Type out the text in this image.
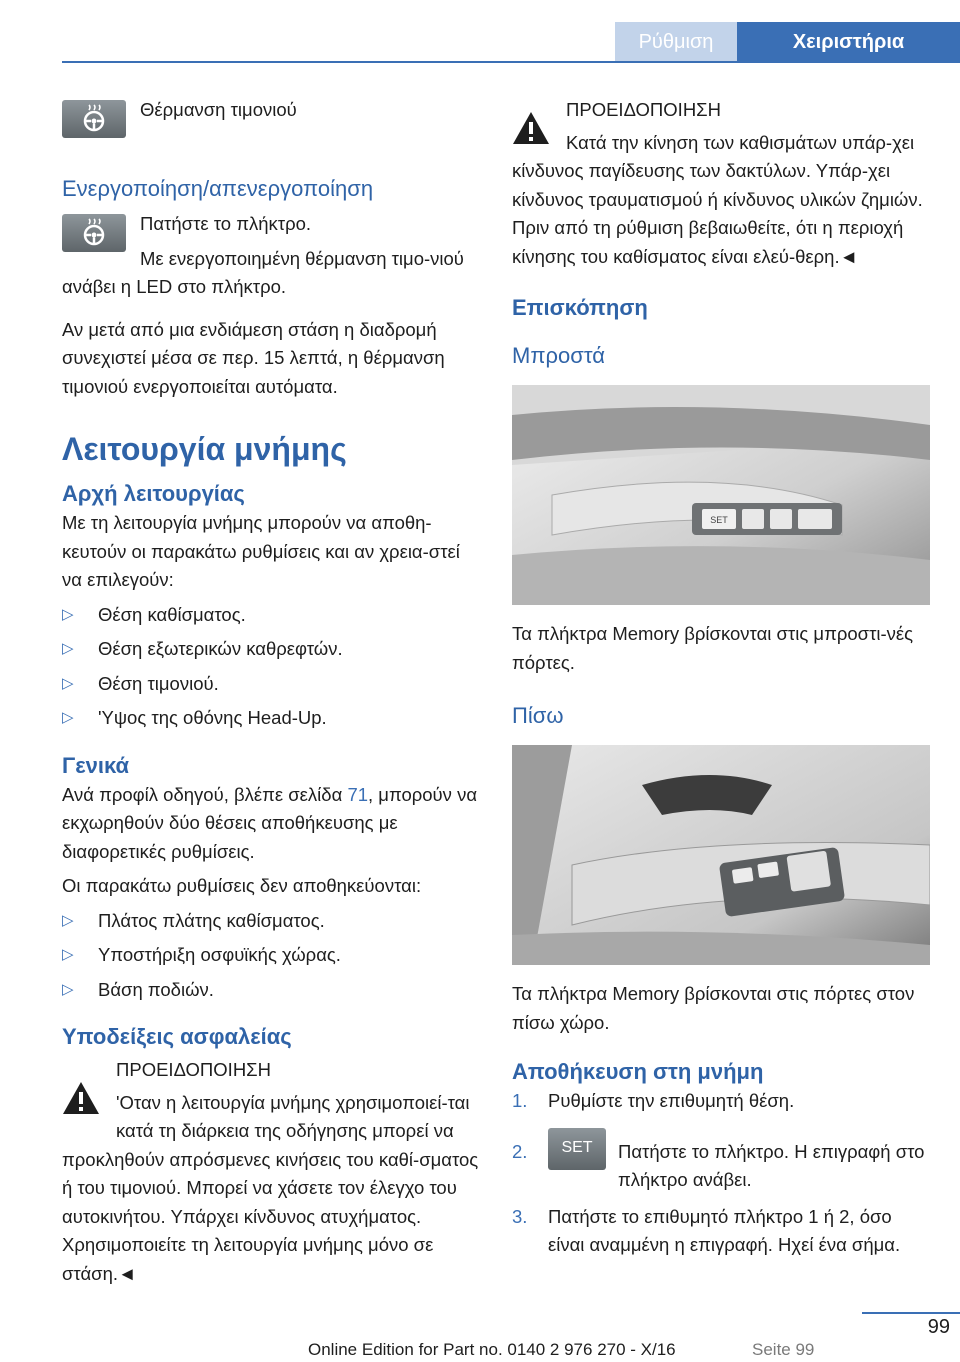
Ρύθμιση	Χειριστήρια

Θέρμανση τιμονιού

Ενεργοποίηση/απενεργοποίηση

Πατήστε το πλήκτρο.

Με ενεργοποιημένη θέρμανση τιμο-νιού ανάβει η LED στο πλήκτρο.

Αν μετά από μια ενδιάμεση στάση η διαδρομή συνεχιστεί μέσα σε περ. 15 λεπτά, η θέρμανση τιμονιού ενεργοποιείται αυτόματα.

Λειτουργία μνήμης
Αρχή λειτουργίας

Με τη λειτουργία μνήμης μπορούν να αποθη-κευτούν οι παρακάτω ρυθμίσεις και αν χρεια-στεί να επιλεγούν:

▷	Θέση καθίσματος.
▷	Θέση εξωτερικών καθρεφτών.
▷	Θέση τιμονιού.
▷	'Υψος της οθόνης Head-Up.
Γενικά

Ανά προφίλ οδηγού, βλέπε σελίδα 71, μπορούν να εκχωρηθούν δύο θέσεις αποθήκευσης με διαφορετικές ρυθμίσεις.

Οι παρακάτω ρυθμίσεις δεν αποθηκεύονται:

▷	Πλάτος πλάτης καθίσματος.
▷	Υποστήριξη οσφυϊκής χώρας.
▷	Βάση ποδιών.
Υποδείξεις ασφαλείας

ΠΡΟΕΙΔΟΠΟΙΗΣΗ

'Οταν η λειτουργία μνήμης χρησιμοποιεί-ται κατά τη διάρκεια της οδήγησης μπορεί να προκληθούν απρόσμενες κινήσεις του καθί-σματος ή του τιμονιού. Μπορεί να χάσετε τον έλεγχο του αυτοκινήτου. Υπάρχει κίνδυνος ατυχήματος. Χρησιμοποιείτε τη λειτουργία μνήμης μόνο σε στάση.◄

ΠΡΟΕΙΔΟΠΟΙΗΣΗ

Κατά την κίνηση των καθισμάτων υπάρ-χει κίνδυνος παγίδευσης των δακτύλων. Υπάρ-χει κίνδυνος τραυματισμού ή κίνδυνος υλικών ζημιών. Πριν από τη ρύθμιση βεβαιωθείτε, ότι η περιοχή κίνησης του καθίσματος είναι ελεύ-θερη.◄

Επισκόπηση
Μπροστά
SET

Τα πλήκτρα Memory βρίσκονται στις μπροστι-νές πόρτες.

Πίσω

Τα πλήκτρα Memory βρίσκονται στις πόρτες στον πίσω χώρο.

Αποθήκευση στη μνήμη
1.	Ρυθμίστε την επιθυμητή θέση.
2.	SET	Πατήστε το πλήκτρο. Η επιγραφή στο πλήκτρο ανάβει.
3.	Πατήστε το επιθυμητό πλήκτρο 1 ή 2, όσο είναι αναμμένη η επιγραφή. Ηχεί ένα σήμα.
99
Online Edition for Part no. 0140 2 976 270 - X/16	Seite 99
